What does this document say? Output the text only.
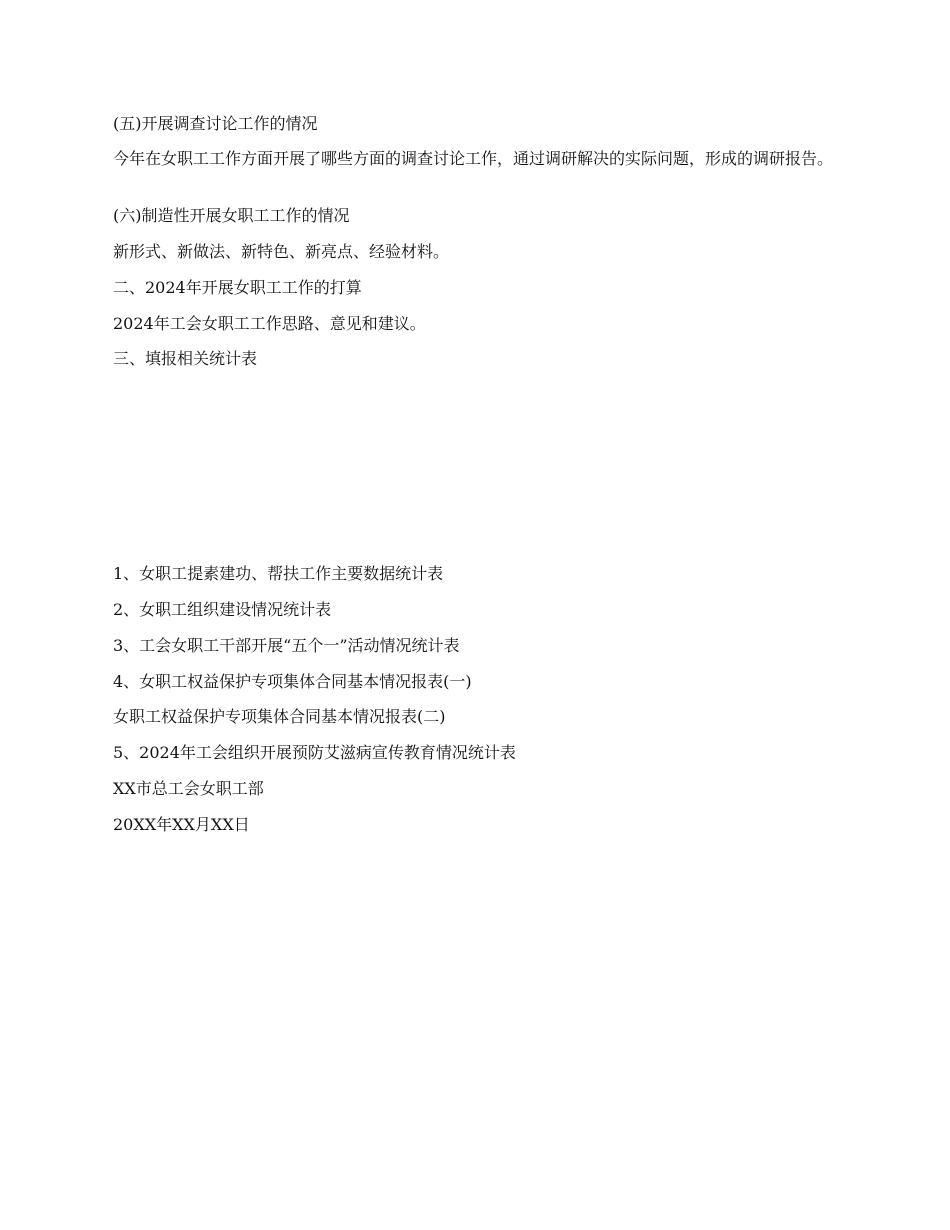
(五)开展调查讨论工作的情况

今年在女职工工作方面开展了哪些方面的调查讨论工作，通过调研解决的实际问题，形成的调研报告。

(六)制造性开展女职工工作的情况

新形式、新做法、新特色、新亮点、经验材料。

二、2024年开展女职工工作的打算

2024年工会女职工工作思路、意见和建议。

三、填报相关统计表

1、女职工提素建功、帮扶工作主要数据统计表

2、女职工组织建设情况统计表

3、工会女职工干部开展“五个一”活动情况统计表

4、女职工权益保护专项集体合同基本情况报表(一)

女职工权益保护专项集体合同基本情况报表(二)

5、2024年工会组织开展预防艾滋病宣传教育情况统计表

XX市总工会女职工部

20XX年XX月XX日
